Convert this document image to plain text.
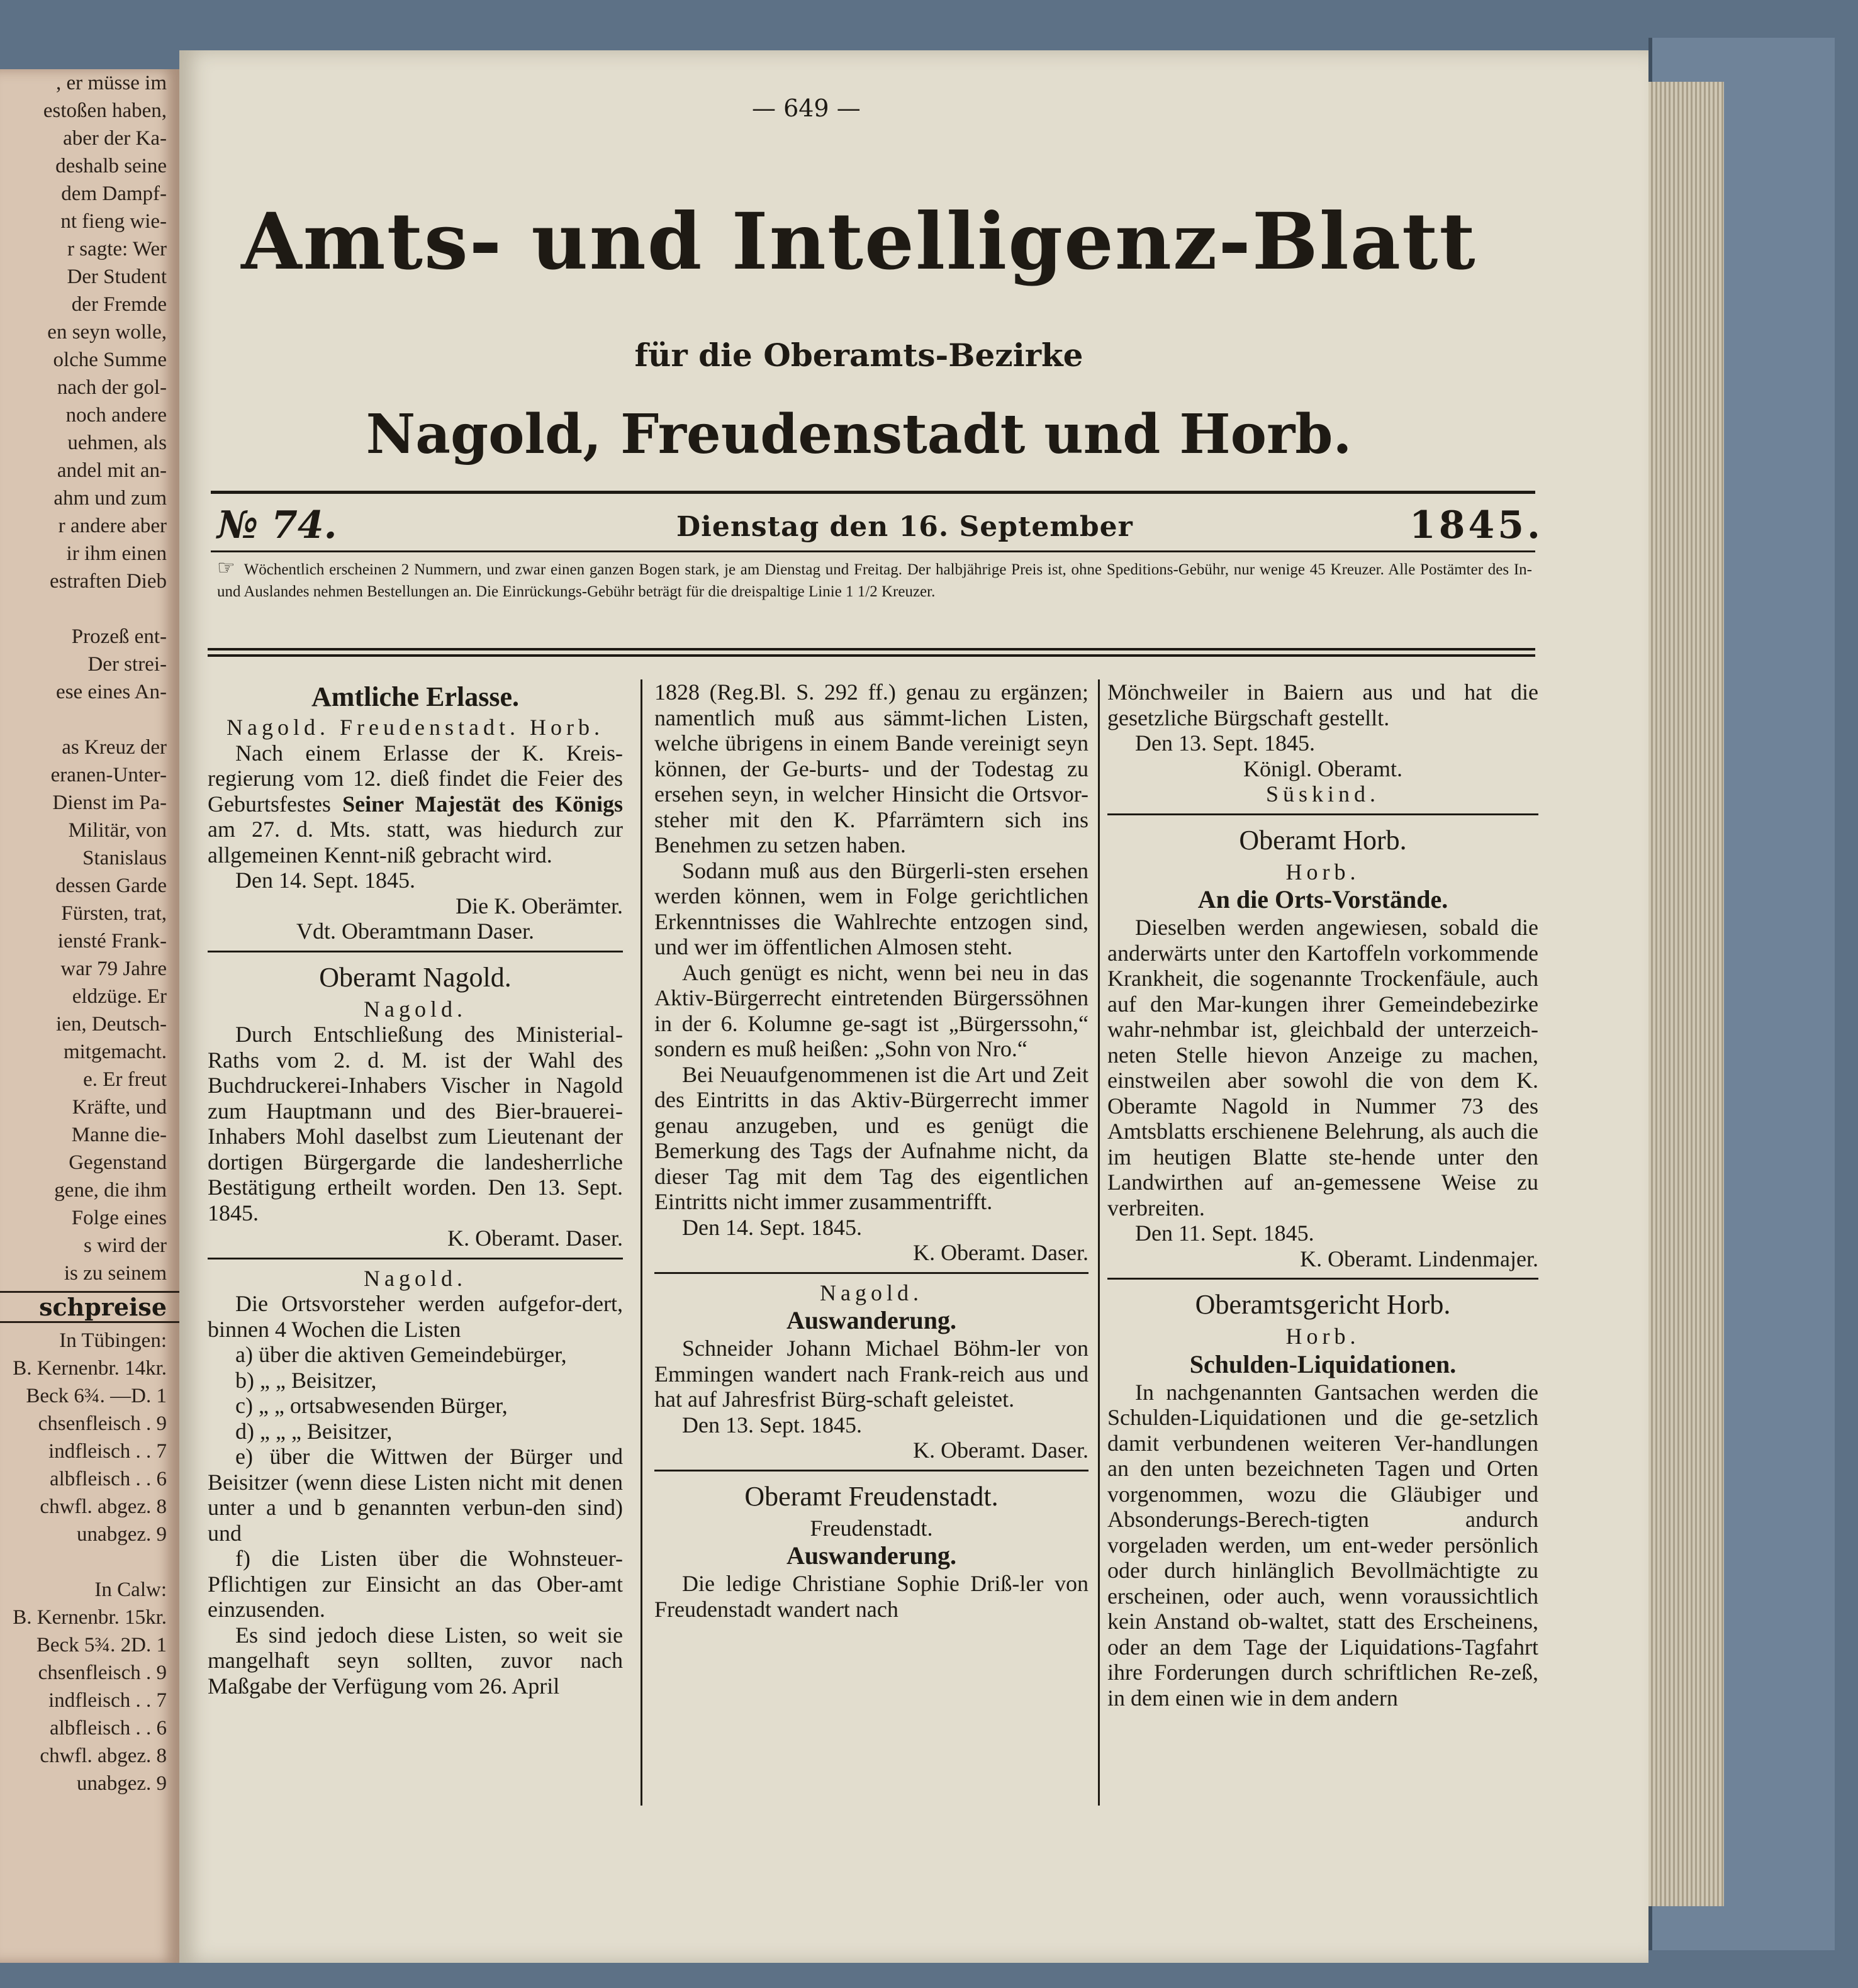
, er müsse im
estoßen haben,
aber der Ka-
deshalb seine
dem Dampf-
nt fieng wie-
r sagte: Wer
Der Student
der Fremde
en seyn wolle,
olche Summe
nach der gol-
noch andere
uehmen, als
andel mit an-
ahm und zum
r andere aber
ir ihm einen
estraften Dieb

Prozeß ent-
Der strei-
ese eines An-

as Kreuz der
eranen-Unter-
Dienst im Pa-
Militär, von
Stanislaus
dessen Garde
Fürsten, trat,
iensté Frank-
war 79 Jahre
eldzüge. Er
ien, Deutsch-
mitgemacht.
e. Er freut
Kräfte, und
Manne die-
Gegenstand
gene, die ihm
Folge eines
s wird der
is zu seinem
schpreise
In Tübingen:
B. Kernenbr. 14kr.
Beck 6¾. —D. 1
chsenfleisch . 9
indfleisch . . 7
albfleisch . . 6
chwfl. abgez. 8
unabgez. 9

In Calw:
B. Kernenbr. 15kr.
Beck 5¾. 2D. 1
chsenfleisch . 9
indfleisch . . 7
albfleisch . . 6
chwfl. abgez. 8
unabgez. 9
— 649 —
Amts- und Intelligenz-Blatt
für die Oberamts-Bezirke
Nagold, Freudenstadt und Horb.
№ 74.	Dienstag den 16. September	1845.
☞ Wöchentlich erscheinen 2 Nummern, und zwar einen ganzen Bogen stark, je am Dienstag und Freitag. Der halbjährige Preis ist, ohne Speditions-Gebühr, nur wenige 45 Kreuzer. Alle Postämter des In- und Auslandes nehmen Bestellungen an. Die Einrückungs-Gebühr beträgt für die dreispaltige Linie 1 1/2 Kreuzer.

Amtliche Erlasse.

Nagold. Freudenstadt. Horb.

Nach einem Erlasse der K. Kreis-regierung vom 12. dieß findet die Feier des Geburtsfestes Seiner Majestät des Königs am 27. d. Mts. statt, was hiedurch zur allgemeinen Kennt-niß gebracht wird.

Den 14. Sept. 1845.

Die K. Oberämter.

Vdt. Oberamtmann Daser.

Oberamt Nagold.

Nagold.

Durch Entschließung des Ministerial-Raths vom 2. d. M. ist der Wahl des Buchdruckerei-Inhabers Vischer in Nagold zum Hauptmann und des Bier-brauerei-Inhabers Mohl daselbst zum Lieutenant der dortigen Bürgergarde die landesherrliche Bestätigung ertheilt worden. Den 13. Sept. 1845.

K. Oberamt. Daser.

Nagold.

Die Ortsvorsteher werden aufgefor-dert, binnen 4 Wochen die Listen

a) über die aktiven Gemeindebürger,

b) „ „ Beisitzer,

c) „ „ ortsabwesenden Bürger,

d) „ „ „ Beisitzer,

e) über die Wittwen der Bürger und Beisitzer (wenn diese Listen nicht mit denen unter a und b genannten verbun-den sind) und

f) die Listen über die Wohnsteuer-Pflichtigen zur Einsicht an das Ober-amt einzusenden.

Es sind jedoch diese Listen, so weit sie mangelhaft seyn sollten, zuvor nach Maßgabe der Verfügung vom 26. April

1828 (Reg.Bl. S. 292 ff.) genau zu ergänzen; namentlich muß aus sämmt-lichen Listen, welche übrigens in einem Bande vereinigt seyn können, der Ge-burts- und der Todestag zu ersehen seyn, in welcher Hinsicht die Ortsvor-steher mit den K. Pfarrämtern sich ins Benehmen zu setzen haben.

Sodann muß aus den Bürgerli-sten ersehen werden können, wem in Folge gerichtlichen Erkenntnisses die Wahlrechte entzogen sind, und wer im öffentlichen Almosen steht.

Auch genügt es nicht, wenn bei neu in das Aktiv-Bürgerrecht eintretenden Bürgerssöhnen in der 6. Kolumne ge-sagt ist „Bürgerssohn,“ sondern es muß heißen: „Sohn von Nro.“

Bei Neuaufgenommenen ist die Art und Zeit des Eintritts in das Aktiv-Bürgerrecht immer genau anzugeben, und es genügt die Bemerkung des Tags der Aufnahme nicht, da dieser Tag mit dem Tag des eigentlichen Eintritts nicht immer zusammentrifft.

Den 14. Sept. 1845.

K. Oberamt. Daser.

Nagold.

Auswanderung.

Schneider Johann Michael Böhm-ler von Emmingen wandert nach Frank-reich aus und hat auf Jahresfrist Bürg-schaft geleistet.

Den 13. Sept. 1845.

K. Oberamt. Daser.

Oberamt Freudenstadt.

Freudenstadt.

Auswanderung.

Die ledige Christiane Sophie Driß-ler von Freudenstadt wandert nach

Mönchweiler in Baiern aus und hat die gesetzliche Bürgschaft gestellt.

Den 13. Sept. 1845.

Königl. Oberamt.

Süskind.

Oberamt Horb.

Horb.

An die Orts-Vorstände.

Dieselben werden angewiesen, sobald die anderwärts unter den Kartoffeln vorkommende Krankheit, die sogenannte Trockenfäule, auch auf den Mar-kungen ihrer Gemeindebezirke wahr-nehmbar ist, gleichbald der unterzeich-neten Stelle hievon Anzeige zu machen, einstweilen aber sowohl die von dem K. Oberamte Nagold in Nummer 73 des Amtsblatts erschienene Belehrung, als auch die im heutigen Blatte ste-hende unter den Landwirthen auf an-gemessene Weise zu verbreiten.

Den 11. Sept. 1845.

K. Oberamt. Lindenmajer.

Oberamtsgericht Horb.

Horb.

Schulden-Liquidationen.

In nachgenannten Gantsachen werden die Schulden-Liquidationen und die ge-setzlich damit verbundenen weiteren Ver-handlungen an den unten bezeichneten Tagen und Orten vorgenommen, wozu die Gläubiger und Absonderungs-Berech-tigten andurch vorgeladen werden, um ent-weder persönlich oder durch hinlänglich Bevollmächtigte zu erscheinen, oder auch, wenn voraussichtlich kein Anstand ob-waltet, statt des Erscheinens, oder an dem Tage der Liquidations-Tagfahrt ihre Forderungen durch schriftlichen Re-zeß, in dem einen wie in dem andern
